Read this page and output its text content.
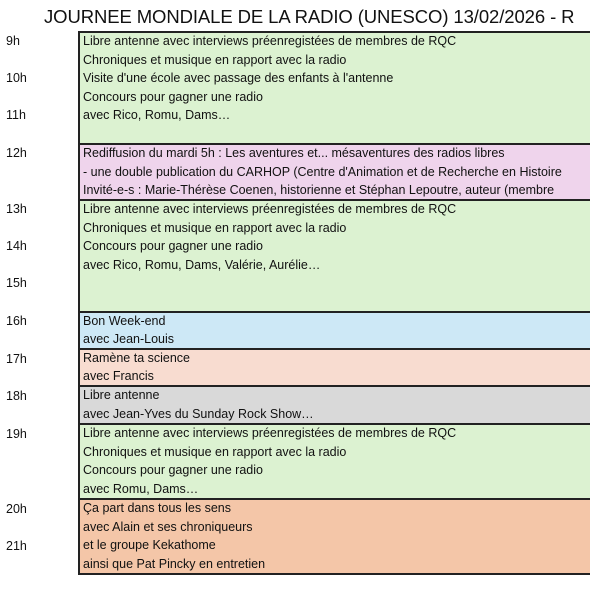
JOURNEE MONDIALE DE LA RADIO (UNESCO) 13/02/2026 - R
9h
10h
11h
12h
13h
14h
15h
16h
17h
18h
19h
20h
21h
Libre antenne avec interviews préenregistées de membres de RQC
Chroniques et musique en rapport avec la radio
Visite d'une école avec passage des enfants à l'antenne
Concours pour gagner une radio
avec Rico, Romu, Dams…
Rediffusion du mardi 5h : Les aventures et... mésaventures des radios libres
- une double publication du CARHOP (Centre d'Animation et de Recherche en Histoire
Invité-e-s : Marie-Thérèse Coenen, historienne et Stéphan Lepoutre, auteur (membre
Libre antenne avec interviews préenregistées de membres de RQC
Chroniques et musique en rapport avec la radio
Concours pour gagner une radio
avec Rico, Romu, Dams, Valérie, Aurélie…
Bon Week-end
avec Jean-Louis
Ramène ta science
avec Francis
Libre antenne
avec Jean-Yves du Sunday Rock Show…
Libre antenne avec interviews préenregistées de membres de RQC
Chroniques et musique en rapport avec la radio
Concours pour gagner une radio
avec Romu, Dams…
Ça part dans tous les sens
avec Alain et ses chroniqueurs
et le groupe Kekathome
ainsi que Pat Pincky en entretien
